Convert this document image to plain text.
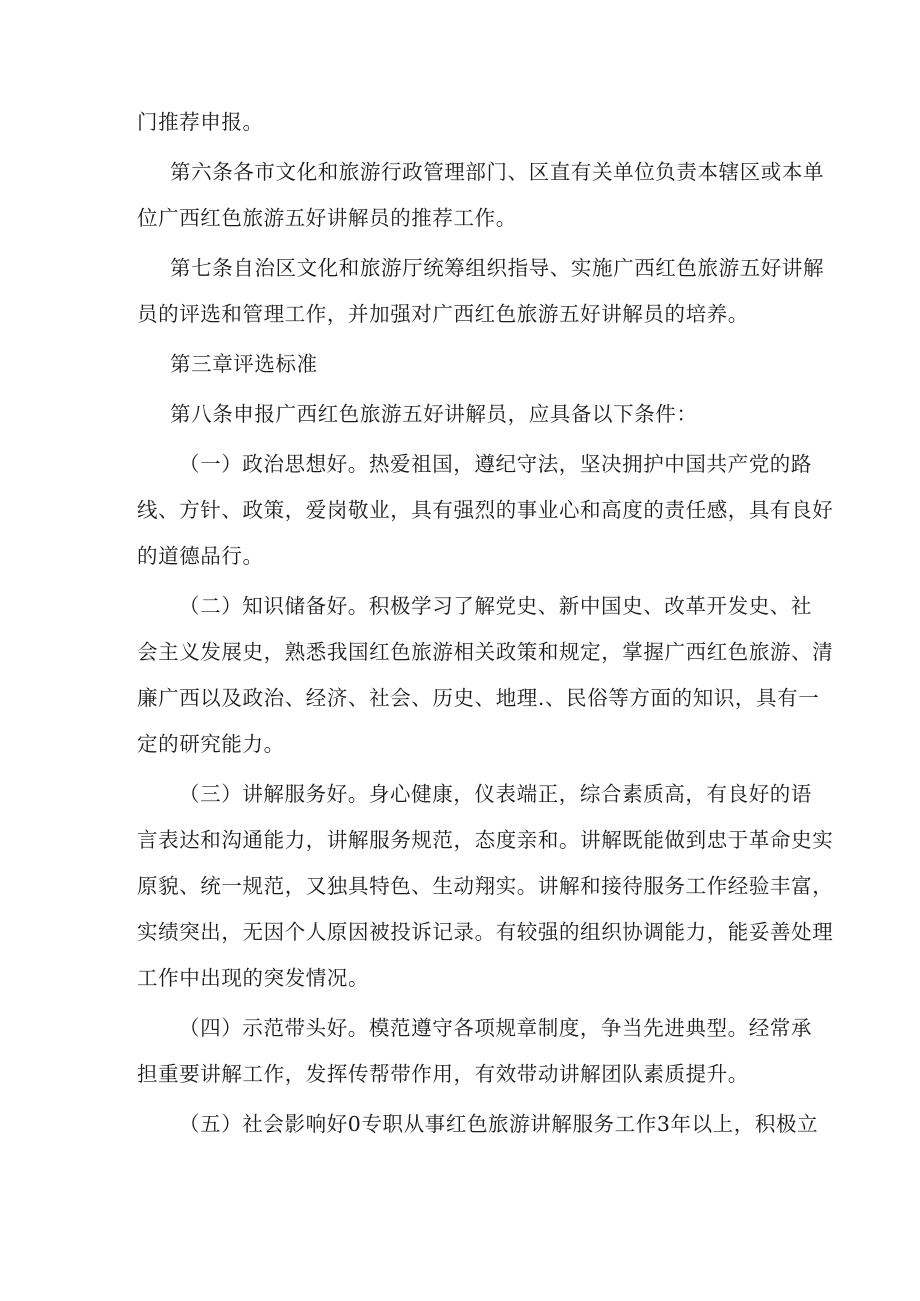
门推荐申报。
第六条各市文化和旅游行政管理部门、区直有关单位负责本辖区或本单
位广西红色旅游五好讲解员的推荐工作。
第七条自治区文化和旅游厅统筹组织指导、实施广西红色旅游五好讲解
员的评选和管理工作，并加强对广西红色旅游五好讲解员的培养。
第三章评选标准
第八条申报广西红色旅游五好讲解员，应具备以下条件：
（一）政治思想好。热爱祖国，遵纪守法，坚决拥护中国共产党的路
线、方针、政策，爱岗敬业，具有强烈的事业心和高度的责任感，具有良好
的道德品行。
（二）知识储备好。积极学习了解党史、新中国史、改革开发史、社
会主义发展史，熟悉我国红色旅游相关政策和规定，掌握广西红色旅游、清
廉广西以及政治、经济、社会、历史、地理.、民俗等方面的知识，具有一
定的研究能力。
（三）讲解服务好。身心健康，仪表端正，综合素质高，有良好的语
言表达和沟通能力，讲解服务规范，态度亲和。讲解既能做到忠于革命史实
原貌、统一规范，又独具特色、生动翔实。讲解和接待服务工作经验丰富，
实绩突出，无因个人原因被投诉记录。有较强的组织协调能力，能妥善处理
工作中出现的突发情况。
（四）示范带头好。模范遵守各项规章制度，争当先进典型。经常承
担重要讲解工作，发挥传帮带作用，有效带动讲解团队素质提升。
（五）社会影响好0专职从事红色旅游讲解服务工作3年以上，积极立
